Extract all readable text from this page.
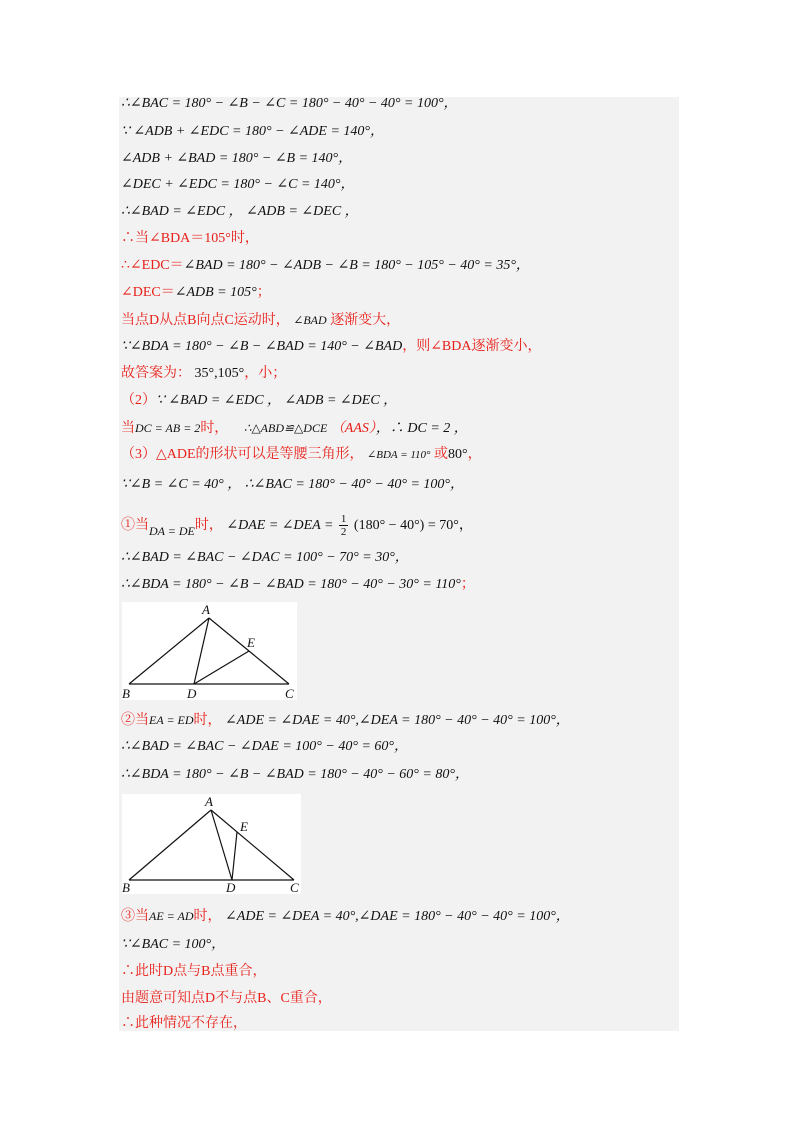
∴∠BAC = 180° − ∠B − ∠C = 180° − 40° − 40° = 100°，
∵ ∠ADB + ∠EDC = 180° − ∠ADE = 140°，
∠ADB + ∠BAD = 180° − ∠B = 140°，
∠DEC + ∠EDC = 180° − ∠C = 140°，
∴∠BAD = ∠EDC ， ∠ADB = ∠DEC ，
∴当∠BDA＝105°时，
∴∠EDC＝∠BAD = 180° − ∠ADB − ∠B = 180° − 105° − 40° = 35°，
∠DEC＝∠ADB = 105°；
当点D从点B向点C运动时， ∠BAD 逐渐变大，
∵∠BDA = 180° − ∠B − ∠BAD = 140° − ∠BAD，则∠BDA逐渐变小，
故答案为： 35°,105°，小；
（2）∵ ∠BAD = ∠EDC ， ∠ADB = ∠DEC ，
当DC = AB = 2时， ∴△ABD≌△DCE （AAS），∴ DC = 2 ，
（3）△ADE的形状可以是等腰三角形， ∠BDA = 110° 或80°，
∵∠B = ∠C = 40° ， ∴∠BAC = 180° − 40° − 40° = 100°，
①当DA = DE时， ∠DAE = ∠DEA = $\frac{1}{2} (180^\circ - 40^\circ) = 70^\circ$，
∴∠BAD = ∠BAC − ∠DAC = 100° − 70° = 30°，
∴∠BDA = 180° − ∠B − ∠BAD = 180° − 40° − 30° = 110°；
A
E
B	D	C
②当EA = ED时， ∠ADE = ∠DAE = 40°,∠DEA = 180° − 40° − 40° = 100°，
∴∠BAD = ∠BAC − ∠DAE = 100° − 40° = 60°，
∴∠BDA = 180° − ∠B − ∠BAD = 180° − 40° − 60° = 80°，
A
E
B	D	C
③当AE = AD时， ∠ADE = ∠DEA = 40°,∠DAE = 180° − 40° − 40° = 100°，
∵∠BAC = 100°，
∴此时D点与B点重合，
由题意可知点D不与点B、C重合，
∴此种情况不存在，
